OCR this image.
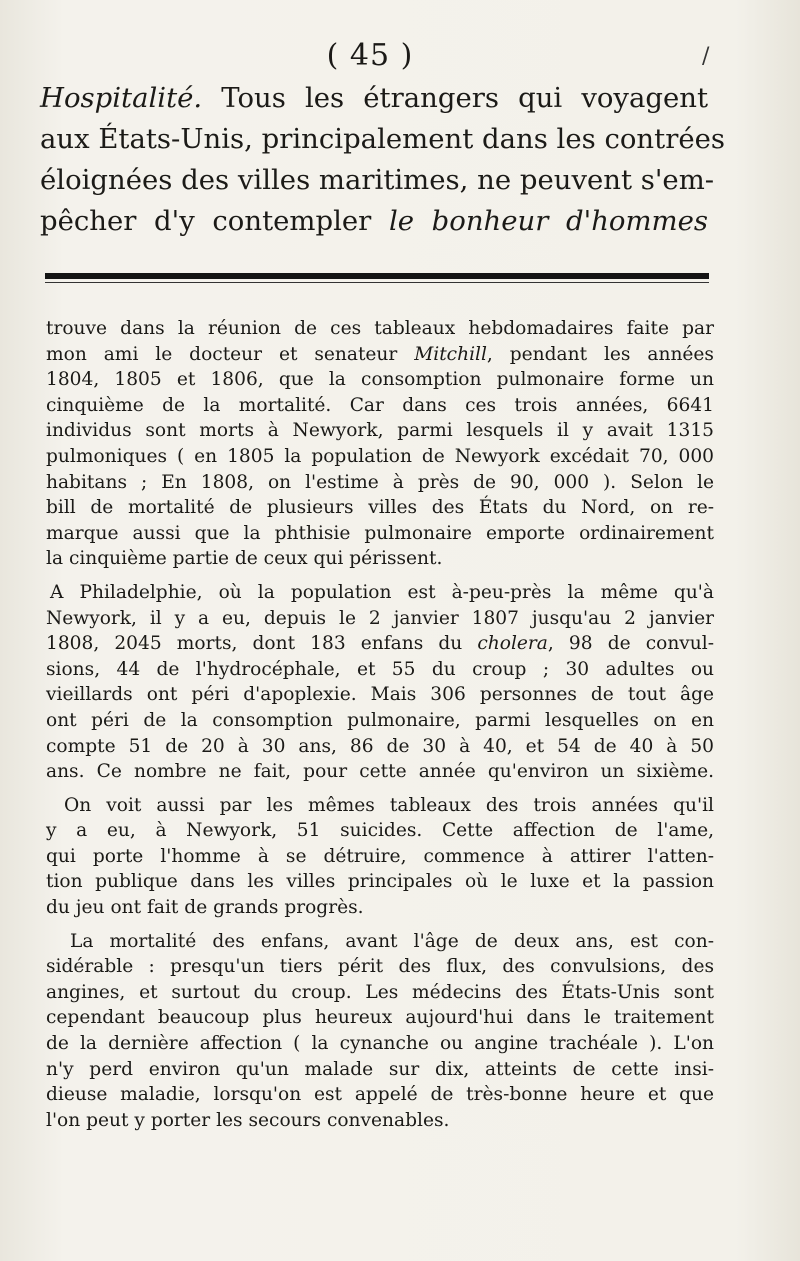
( 45 )	/
Hospitalité. Tous les étrangers qui voyagent
aux États-Unis, principalement dans les contrées
éloignées des villes maritimes, ne peuvent s'em-
pêcher d'y contempler le bonheur d'hommes

trouve dans la réunion de ces tableaux hebdomadaires faite par
mon ami le docteur et senateur Mitchill, pendant les années
1804, 1805 et 1806, que la consomption pulmonaire forme un
cinquième de la mortalité. Car dans ces trois années, 6641
individus sont morts à Newyork, parmi lesquels il y avait 1315
pulmoniques ( en 1805 la population de Newyork excédait 70, 000
habitans ; En 1808, on l'estime à près de 90, 000 ). Selon le
bill de mortalité de plusieurs villes des États du Nord, on re-
marque aussi que la phthisie pulmonaire emporte ordinairement
la cinquième partie de ceux qui périssent.

A Philadelphie, où la population est à-peu-près la même qu'à
Newyork, il y a eu, depuis le 2 janvier 1807 jusqu'au 2 janvier
1808, 2045 morts, dont 183 enfans du cholera, 98 de convul-
sions, 44 de l'hydrocéphale, et 55 du croup ; 30 adultes ou
vieillards ont péri d'apoplexie. Mais 306 personnes de tout âge
ont péri de la consomption pulmonaire, parmi lesquelles on en
compte 51 de 20 à 30 ans, 86 de 30 à 40, et 54 de 40 à 50
ans. Ce nombre ne fait, pour cette année qu'environ un sixième.

On voit aussi par les mêmes tableaux des trois années qu'il
y a eu, à Newyork, 51 suicides. Cette affection de l'ame,
qui porte l'homme à se détruire, commence à attirer l'atten-
tion publique dans les villes principales où le luxe et la passion
du jeu ont fait de grands progrès.

La mortalité des enfans, avant l'âge de deux ans, est con-
sidérable : presqu'un tiers périt des flux, des convulsions, des
angines, et surtout du croup. Les médecins des États-Unis sont
cependant beaucoup plus heureux aujourd'hui dans le traitement
de la dernière affection ( la cynanche ou angine trachéale ). L'on
n'y perd environ qu'un malade sur dix, atteints de cette insi-
dieuse maladie, lorsqu'on est appelé de très-bonne heure et que
l'on peut y porter les secours convenables.
